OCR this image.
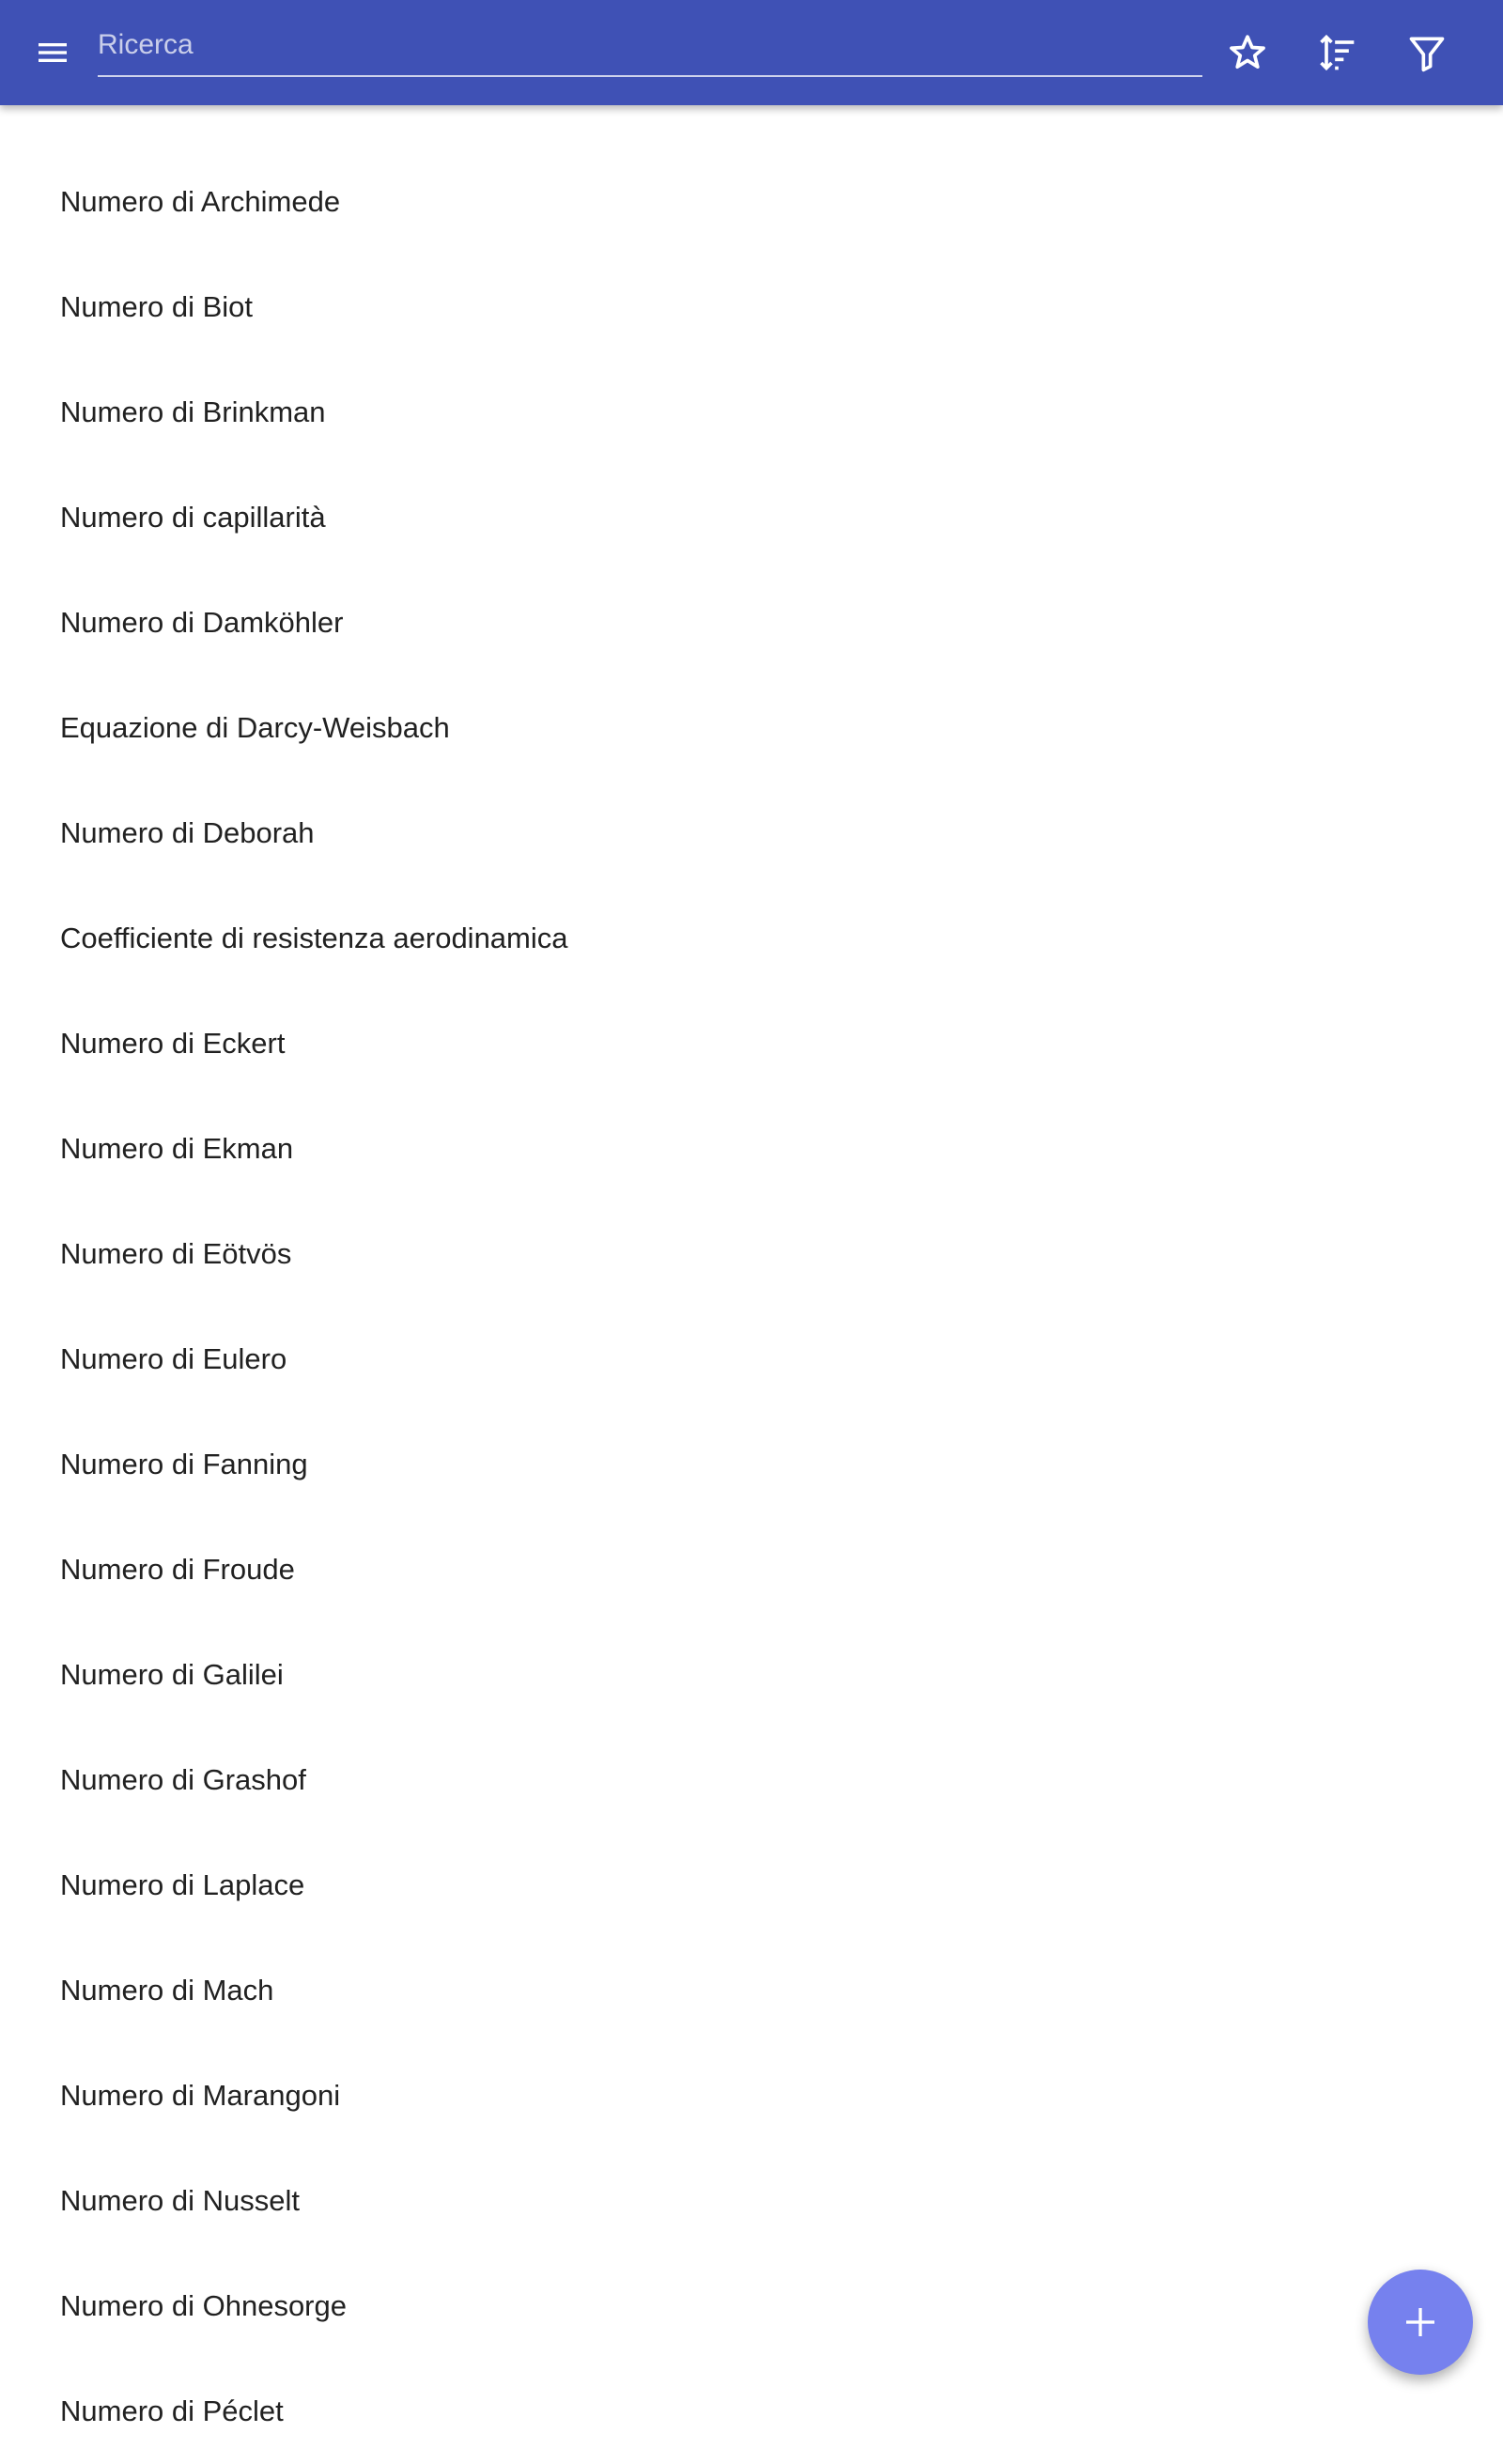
Ricerca
Numero di Archimede
Numero di Biot
Numero di Brinkman
Numero di capillarità
Numero di Damköhler
Equazione di Darcy-Weisbach
Numero di Deborah
Coefficiente di resistenza aerodinamica
Numero di Eckert
Numero di Ekman
Numero di Eötvös
Numero di Eulero
Numero di Fanning
Numero di Froude
Numero di Galilei
Numero di Grashof
Numero di Laplace
Numero di Mach
Numero di Marangoni
Numero di Nusselt
Numero di Ohnesorge
Numero di Péclet
